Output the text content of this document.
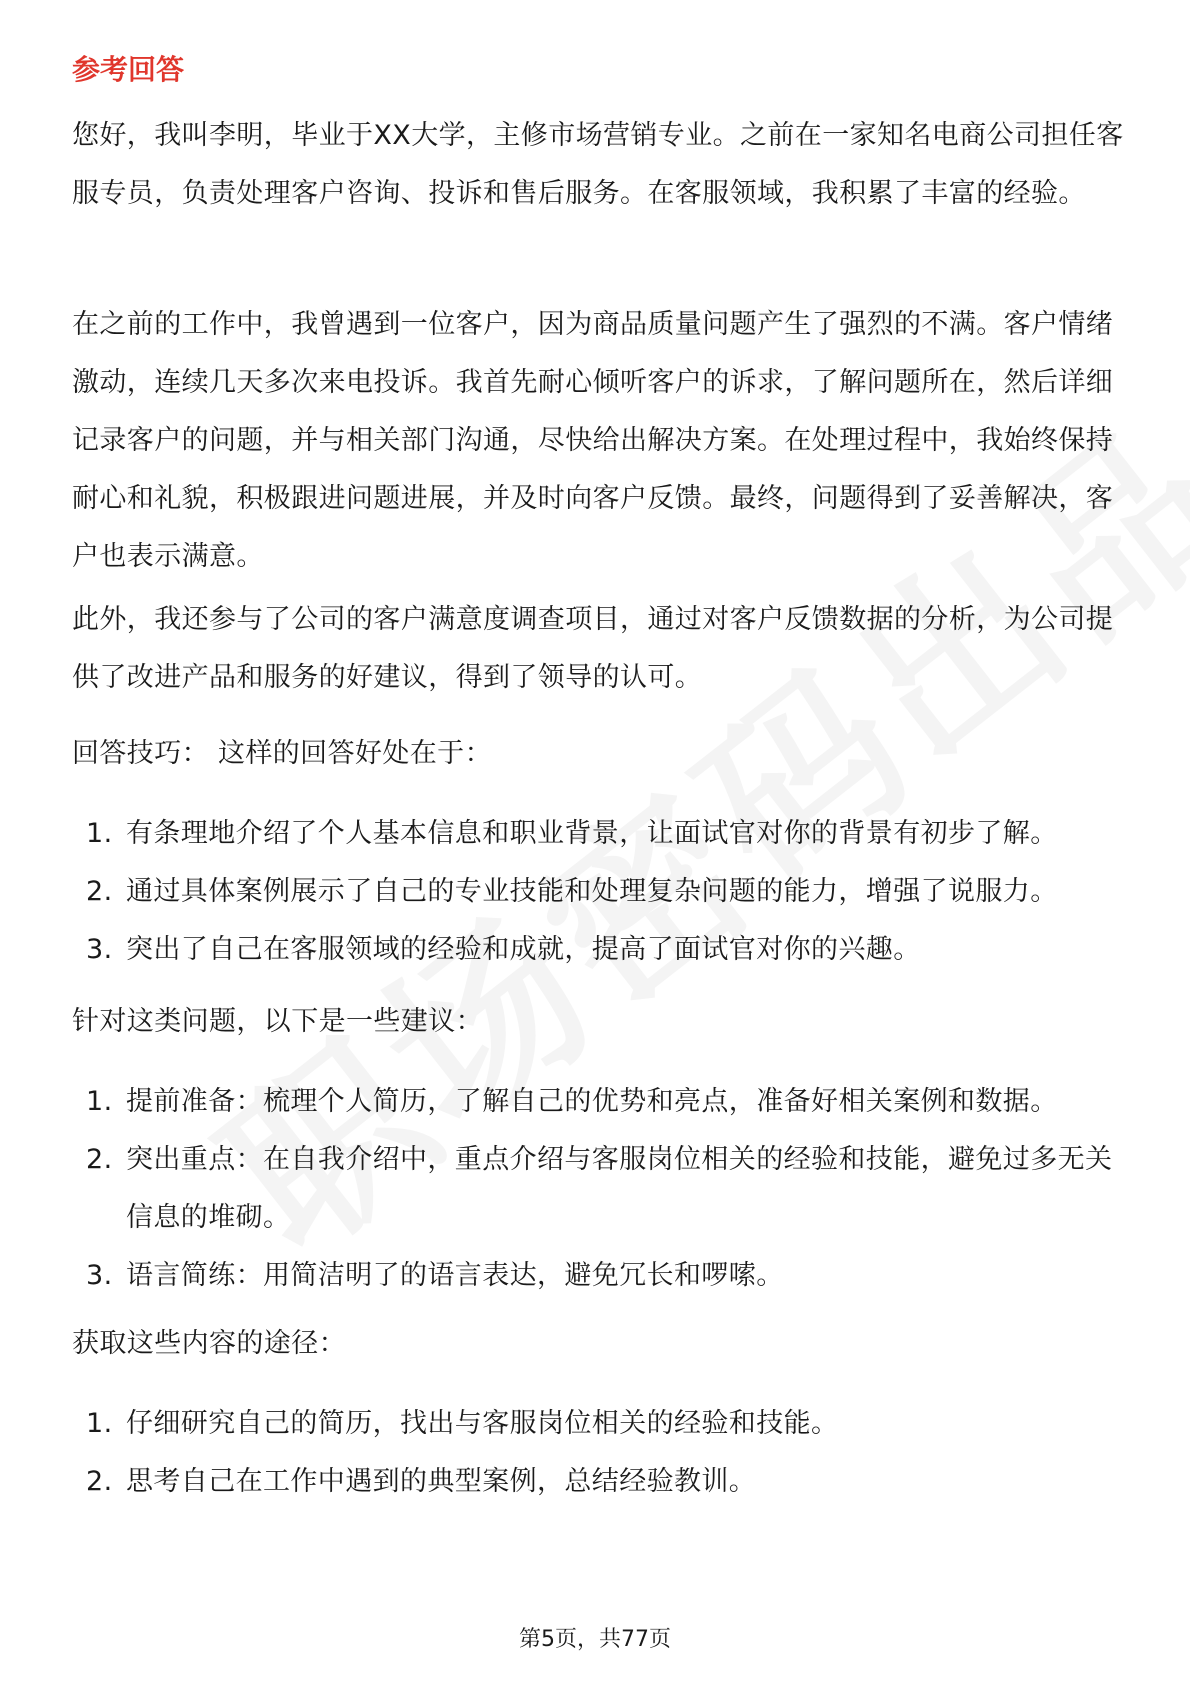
参考回答

您好，我叫李明，毕业于XX大学，主修市场营销专业。之前在一家知名电商公司担任客服专员，负责处理客户咨询、投诉和售后服务。在客服领域，我积累了丰富的经验。

在之前的工作中，我曾遇到一位客户，因为商品质量问题产生了强烈的不满。客户情绪激动，连续几天多次来电投诉。我首先耐心倾听客户的诉求，了解问题所在，然后详细记录客户的问题，并与相关部门沟通，尽快给出解决方案。在处理过程中，我始终保持耐心和礼貌，积极跟进问题进展，并及时向客户反馈。最终，问题得到了妥善解决，客户也表示满意。

此外，我还参与了公司的客户满意度调查项目，通过对客户反馈数据的分析，为公司提供了改进产品和服务的好建议，得到了领导的认可。

回答技巧： 这样的回答好处在于：

1. 有条理地介绍了个人基本信息和职业背景，让面试官对你的背景有初步了解。
2. 通过具体案例展示了自己的专业技能和处理复杂问题的能力，增强了说服力。
3. 突出了自己在客服领域的经验和成就，提高了面试官对你的兴趣。

针对这类问题，以下是一些建议：

1. 提前准备：梳理个人简历，了解自己的优势和亮点，准备好相关案例和数据。
2. 突出重点：在自我介绍中，重点介绍与客服岗位相关的经验和技能，避免过多无关信息的堆砌。
3. 语言简练：用简洁明了的语言表达，避免冗长和啰嗦。

获取这些内容的途径：

1. 仔细研究自己的简历，找出与客服岗位相关的经验和技能。
2. 思考自己在工作中遇到的典型案例，总结经验教训。
第5页，共77页
